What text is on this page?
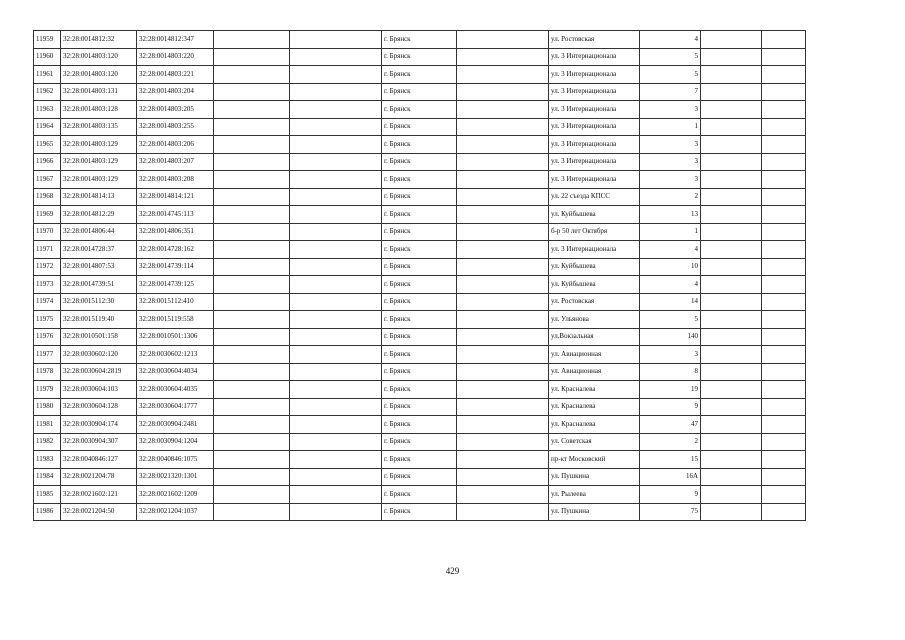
11959	32:28:0014812:32	32:28:0014812:347			г. Брянск		ул. Ростовская	4		
11960	32:28:0014803:120	32:28:0014803:220			г. Брянск		ул. 3 Интернационала	5		
11961	32:28:0014803:120	32:28:0014803:221			г. Брянск		ул. 3 Интернационала	5		
11962	32:28:0014803:131	32:28:0014803:204			г. Брянск		ул. 3 Интернационала	7		
11963	32:28:0014803:128	32:28:0014803:205			г. Брянск		ул. 3 Интернационала	3		
11964	32:28:0014803:135	32:28:0014803:255			г. Брянск		ул. 3 Интернационала	1		
11965	32:28:0014803:129	32:28:0014803:206			г. Брянск		ул. 3 Интернационала	3		
11966	32:28:0014803:129	32:28:0014803:207			г. Брянск		ул. 3 Интернационала	3		
11967	32:28:0014803:129	32:28:0014803:208			г. Брянск		ул. 3 Интернационала	3		
11968	32:28:0014814:13	32:28:0014814:121			г. Брянск		ул. 22 съезда КПСС	2		
11969	32:28:0014812:29	32:28:0014745:113			г. Брянск		ул. Куйбышева	13		
11970	32:28:0014806:44	32:28:0014806:351			г. Брянск		б-р 50 лет Октября	1		
11971	32:28:0014728:37	32:28:0014728:162			г. Брянск		ул. 3 Интернационала	4		
11972	32:28:0014807:53	32:28:0014739:114			г. Брянск		ул. Куйбышева	10		
11973	32:28:0014739:51	32:28:0014739:125			г. Брянск		ул. Куйбышева	4		
11974	32:28:0015112:30	32:28:0015112:410			г. Брянск		ул. Ростовская	14		
11975	32:28:0015119:40	32:28:0015119:558			г. Брянск		ул. Ульянова	5		
11976	32:28:0010501:158	32:28:0010501:1306			г. Брянск		ул.Вокзальная	140		
11977	32:28:0030602:120	32:28:0030602:1213			г. Брянск		ул. Авиационная	3		
11978	32:28:0030604:2819	32:28:0030604:4034			г. Брянск		ул. Авиационная	8		
11979	32:28:0030604:103	32:28:0030604:4035			г. Брянск		ул. Красналева	19		
11980	32:28:0030604:128	32:28:0030604:1777			г. Брянск		ул. Красналева	9		
11981	32:28:0030904:174	32:28:0030904:2481			г. Брянск		ул. Красналева	47		
11982	32:28:0030904:307	32:28:0030904:1204			г. Брянск		ул. Советская	2		
11983	32:28:0040846:127	32:28:0040846:1075			г. Брянск		пр-кт Московский	15		
11984	32:28:0021204:78	32:28:0021320:1301			г. Брянск		ул. Пушкина	16А		
11985	32:28:0021602:121	32:28:0021602:1209			г. Брянск		ул. Рылеева	9		
11986	32:28:0021204:50	32:28:0021204:1037			г. Брянск		ул. Пушкина	75		
429
